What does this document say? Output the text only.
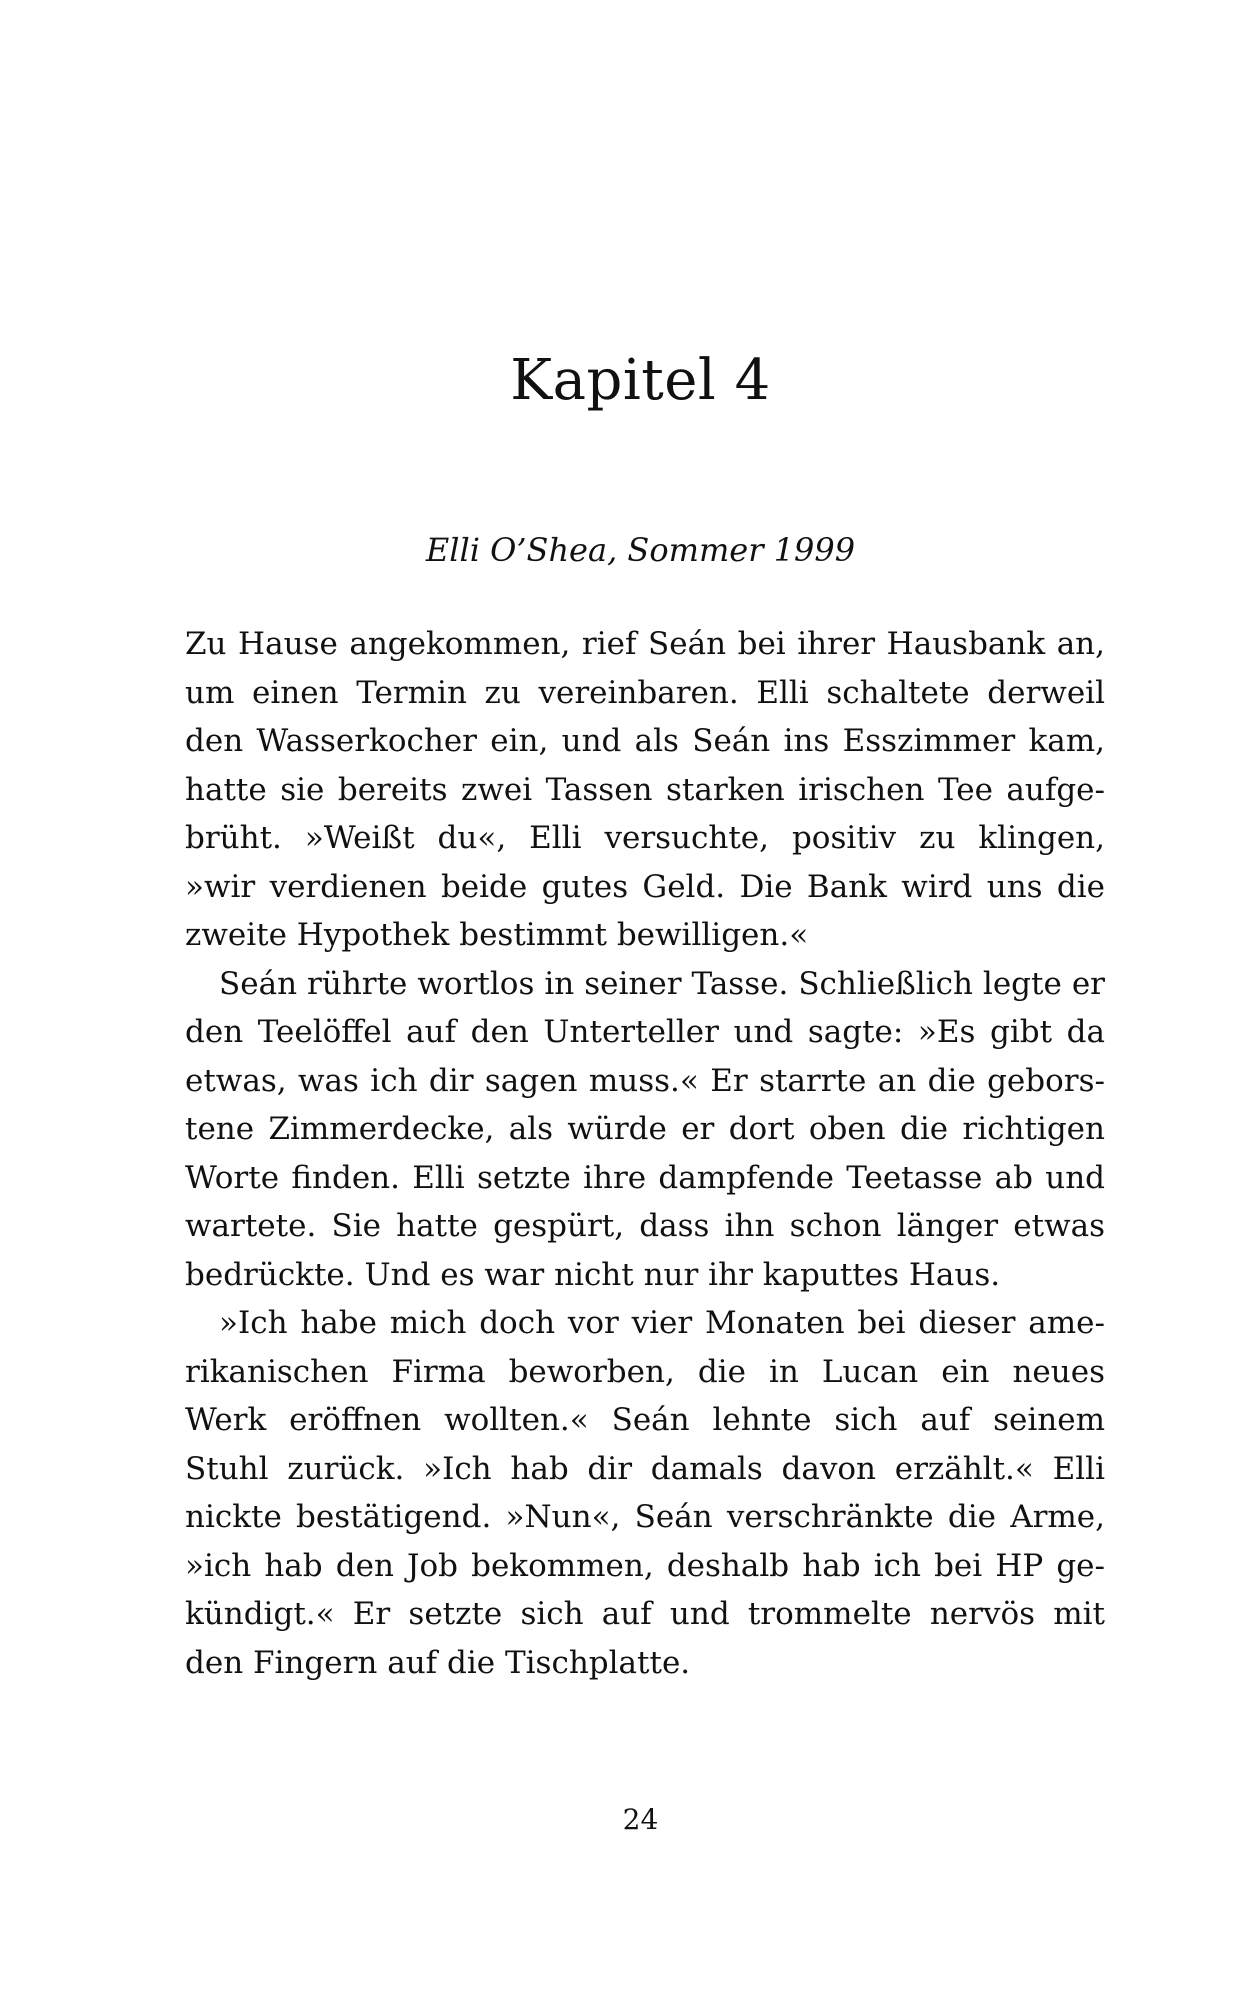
Kapitel 4
Elli O’Shea, Sommer 1999
Zu Hause angekommen, rief Seán bei ihrer Hausbank an,
um einen Termin zu vereinbaren. Elli schaltete derweil
den Wasserkocher ein, und als Seán ins Esszimmer kam,
hatte sie bereits zwei Tassen starken irischen Tee aufge-
brüht. »Weißt du«, Elli versuchte, positiv zu klingen,
»wir verdienen beide gutes Geld. Die Bank wird uns die
zweite Hypothek bestimmt bewilligen.«
Seán rührte wortlos in seiner Tasse. Schließlich legte er
den Teelöffel auf den Unterteller und sagte: »Es gibt da
etwas, was ich dir sagen muss.« Er starrte an die gebors-
tene Zimmerdecke, als würde er dort oben die richtigen
Worte finden. Elli setzte ihre dampfende Teetasse ab und
wartete. Sie hatte gespürt, dass ihn schon länger etwas
bedrückte. Und es war nicht nur ihr kaputtes Haus.
»Ich habe mich doch vor vier Monaten bei dieser ame-
rikanischen Firma beworben, die in Lucan ein neues
Werk eröffnen wollten.« Seán lehnte sich auf seinem
Stuhl zurück. »Ich hab dir damals davon erzählt.« Elli
nickte bestätigend. »Nun«, Seán verschränkte die Arme,
»ich hab den Job bekommen, deshalb hab ich bei HP ge-
kündigt.« Er setzte sich auf und trommelte nervös mit
den Fingern auf die Tischplatte.
24
